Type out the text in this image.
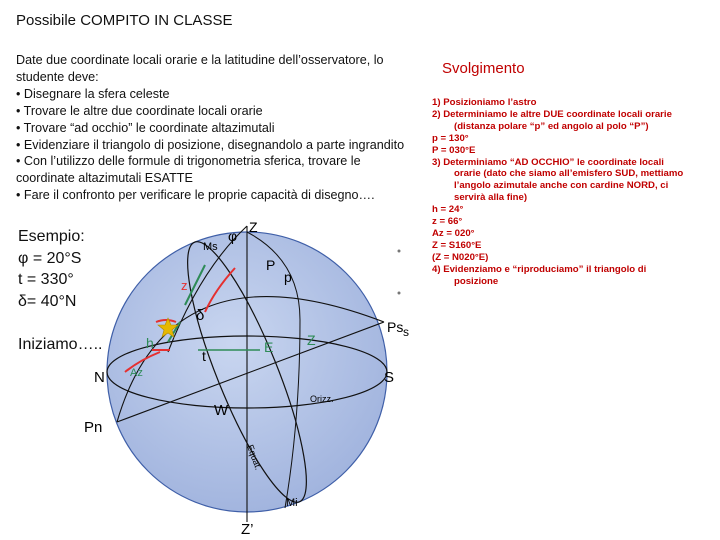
Possibile COMPITO IN CLASSE

Date due coordinate locali orarie e la latitudine dell’osservatore, lo

studente deve:

• Disegnare la sfera celeste

• Trovare le altre due coordinate locali orarie

• Trovare “ad occhio” le coordinate altazimutali

• Evidenziare il triangolo di posizione, disegnandolo a parte ingrandito

• Con l’utilizzo delle formule di trigonometria sferica, trovare le

coordinate altazimutali ESATTE

• Fare il confronto per verificare le proprie capacità di disegno….

Esempio:

φ = 20°S

t = 330°

δ= 40°N

Iniziamo…..
Svolgimento

1) Posizioniamo l’astro

2) Determiniamo le altre DUE coordinate locali orarie

(distanza polare “p” ed angolo al polo “P”)

p = 130°

P = 030°E

3) Determiniamo “AD OCCHIO” le coordinate locali

orarie (dato che siamo all’emisfero SUD, mettiamo

l’angolo azimutale anche con cardine NORD, ci

servirà alla fine)

h = 24°

z = 66°

Az = 020°

Z = S160°E

(Z = N020°E)

4) Evidenziamo e “riproduciamo” il triangolo di

posizione

Z
φ
Ms
P
p
z
δ
h
t
E Z
Ps s
N Az	S
Orizz.
W
Pn
Equat.
Mi
Z’
